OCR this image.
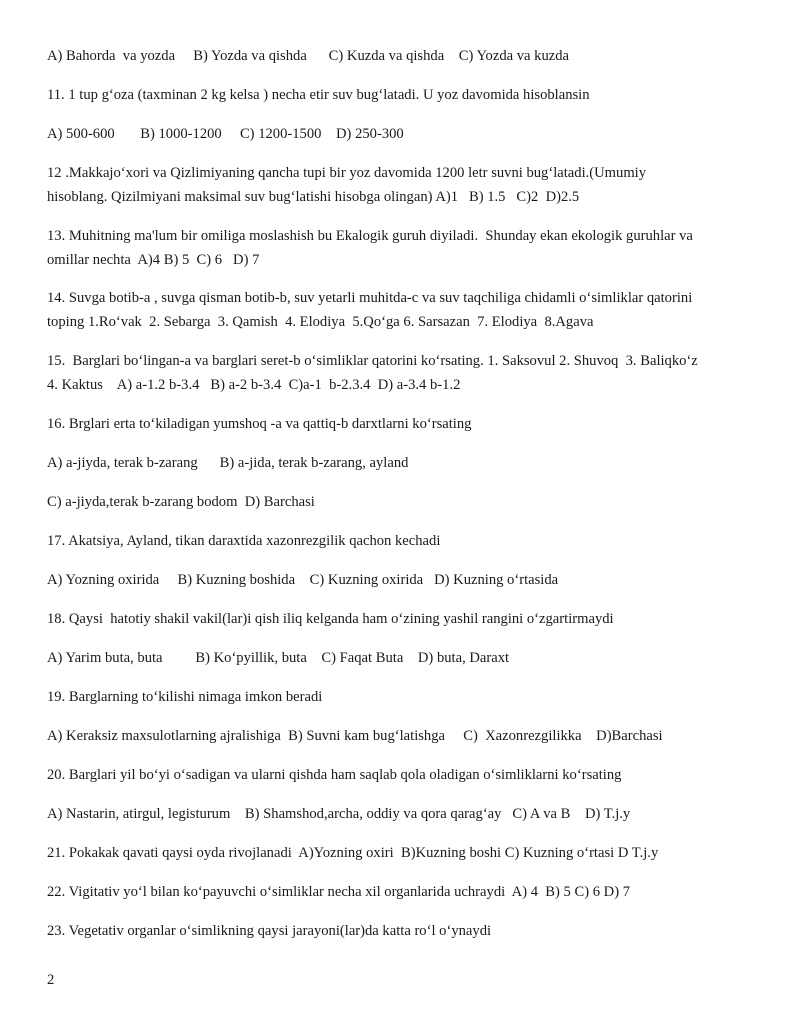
A) Bahorda  va yozda     B) Yozda va qishda      C) Kuzda va qishda    C) Yozda va kuzda
11. 1 tup g‘oza (taxminan 2 kg kelsa ) necha etir suv bug‘latadi. U yoz davomida hisoblansin
A) 500-600       B) 1000-1200     C) 1200-1500    D) 250-300
12 .Makkajo‘xori va Qizlimiyaning qancha tupi bir yoz davomida 1200 letr suvni bug‘latadi.(Umumiy
hisoblang. Qizilmiyani maksimal suv bug‘latishi hisobga olingan) A)1   B) 1.5   C)2  D)2.5
13. Muhitning ma'lum bir omiliga moslashish bu Ekalogik guruh diyiladi.  Shunday ekan ekologik guruhlar va
omillar nechta  A)4 B) 5  C) 6   D) 7
14. Suvga botib-a , suvga qisman botib-b, suv yetarli muhitda-c va suv taqchiliga chidamli o‘simliklar qatorini
toping 1.Ro‘vak  2. Sebarga  3. Qamish  4. Elodiya  5.Qo‘ga 6. Sarsazan  7. Elodiya  8.Agava
15.  Barglari bo‘lingan-a va barglari seret-b o‘simliklar qatorini ko‘rsating. 1. Saksovul 2. Shuvoq  3. Baliqko‘z
4. Kaktus    A) a-1.2 b-3.4   B) a-2 b-3.4  C)a-1  b-2.3.4  D) a-3.4 b-1.2
16. Brglari erta to‘kiladigan yumshoq -a va qattiq-b darxtlarni ko‘rsating
A) a-jiyda, terak b-zarang      B) a-jida, terak b-zarang, ayland
C) a-jiyda,terak b-zarang bodom  D) Barchasi
17. Akatsiya, Ayland, tikan daraxtida xazonrezgilik qachon kechadi
A) Yozning oxirida     B) Kuzning boshida    C) Kuzning oxirida   D) Kuzning o‘rtasida
18. Qaysi  hatotiy shakil vakil(lar)i qish iliq kelganda ham o‘zining yashil rangini o‘zgartirmaydi
A) Yarim buta, buta         B) Ko‘pyillik, buta    C) Faqat Buta    D) buta, Daraxt
19. Barglarning to‘kilishi nimaga imkon beradi
A) Keraksiz maxsulotlarning ajralishiga  B) Suvni kam bug‘latishga     C)  Xazonrezgilikka    D)Barchasi
20. Barglari yil bo‘yi o‘sadigan va ularni qishda ham saqlab qola oladigan o‘simliklarni ko‘rsating
A) Nastarin, atirgul, legisturum    B) Shamshod,archa, oddiy va qora qarag‘ay   C) A va B    D) T.j.y
21. Pokakak qavati qaysi oyda rivojlanadi  A)Yozning oxiri  B)Kuzning boshi C) Kuzning o‘rtasi D T.j.y
22. Vigitativ yo‘l bilan ko‘payuvchi o‘simliklar necha xil organlarida uchraydi  A) 4  B) 5 C) 6 D) 7
23. Vegetativ organlar o‘simlikning qaysi jarayoni(lar)da katta ro‘l o‘ynaydi
2
